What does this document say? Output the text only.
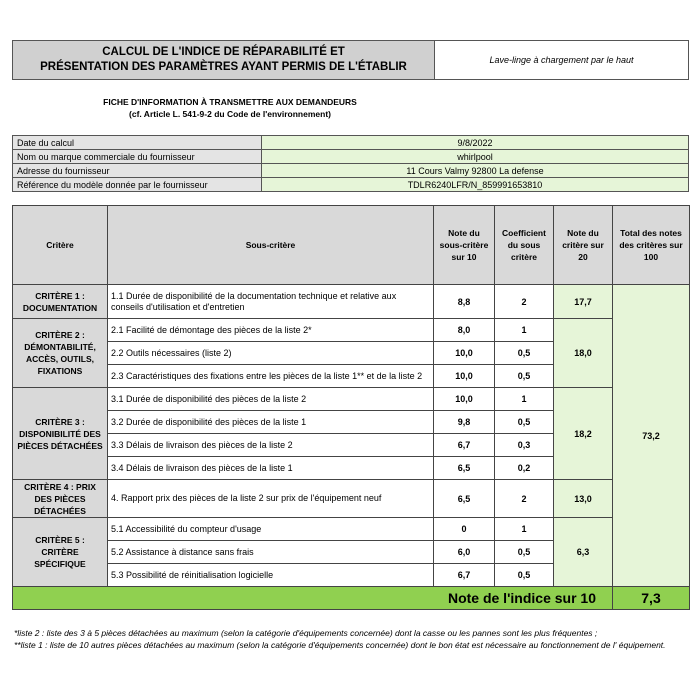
CALCUL DE L'INDICE DE RÉPARABILITÉ ET
PRÉSENTATION DES PARAMÈTRES AYANT PERMIS DE L'ÉTABLIR
Lave-linge à chargement par le haut
FICHE D'INFORMATION À TRANSMETTRE AUX DEMANDEURS
(cf. Article L. 541-9-2 du Code de l'environnement)
Date du calcul	9/8/2022
Nom ou marque commerciale du fournisseur	whirlpool
Adresse du fournisseur	11 Cours Valmy 92800 La defense
Référence du modèle donnée par le fournisseur	TDLR6240LFR/N_859991653810
Critère	Sous-critère	Note du sous-critère sur 10	Coefficient du sous critère	Note du critère sur 20	Total des notes des critères sur 100
CRITÈRE 1 : DOCUMENTATION	1.1 Durée de disponibilité de la documentation technique et relative aux conseils d'utilisation et d'entretien	8,8	2	17,7	73,2
CRITÈRE 2 : DÉMONTABILITÉ, ACCÈS, OUTILS, FIXATIONS	2.1 Facilité de démontage des pièces de la liste 2*	8,0	1	18,0	
	2.2 Outils nécessaires (liste 2)	10,0	0,5		
	2.3 Caractéristiques des fixations entre les pièces de la liste 1** et de la liste 2	10,0	0,5		
CRITÈRE 3 : DISPONIBILITÉ DES PIÈCES DÉTACHÉES	3.1 Durée de disponibilité des pièces de la liste 2	10,0	1	18,2	
	3.2 Durée de disponibilité des pièces de la liste 1	9,8	0,5		
	3.3 Délais de livraison des pièces de la liste 2	6,7	0,3		
	3.4 Délais de livraison des pièces de la liste 1	6,5	0,2		
CRITÈRE 4 : PRIX DES PIÈCES DÉTACHÉES	4. Rapport prix des pièces de la liste 2 sur prix de l'équipement neuf	6,5	2	13,0	
CRITÈRE 5 : CRITÈRE SPÉCIFIQUE	5.1 Accessibilité du compteur d'usage	0	1	6,3	
	5.2 Assistance à distance sans frais	6,0	0,5		
	5.3 Possibilité de réinitialisation logicielle	6,7	0,5		
Note de l'indice sur 10					7,3

*liste 2 : liste des 3 à 5 pièces détachées au maximum (selon la catégorie d'équipements concernée) dont la casse ou les pannes sont les plus fréquentes ;

**liste 1 : liste de 10 autres pièces détachées au maximum (selon la catégorie d'équipements concernée) dont le bon état est nécessaire au fonctionnement de l' équipement.
